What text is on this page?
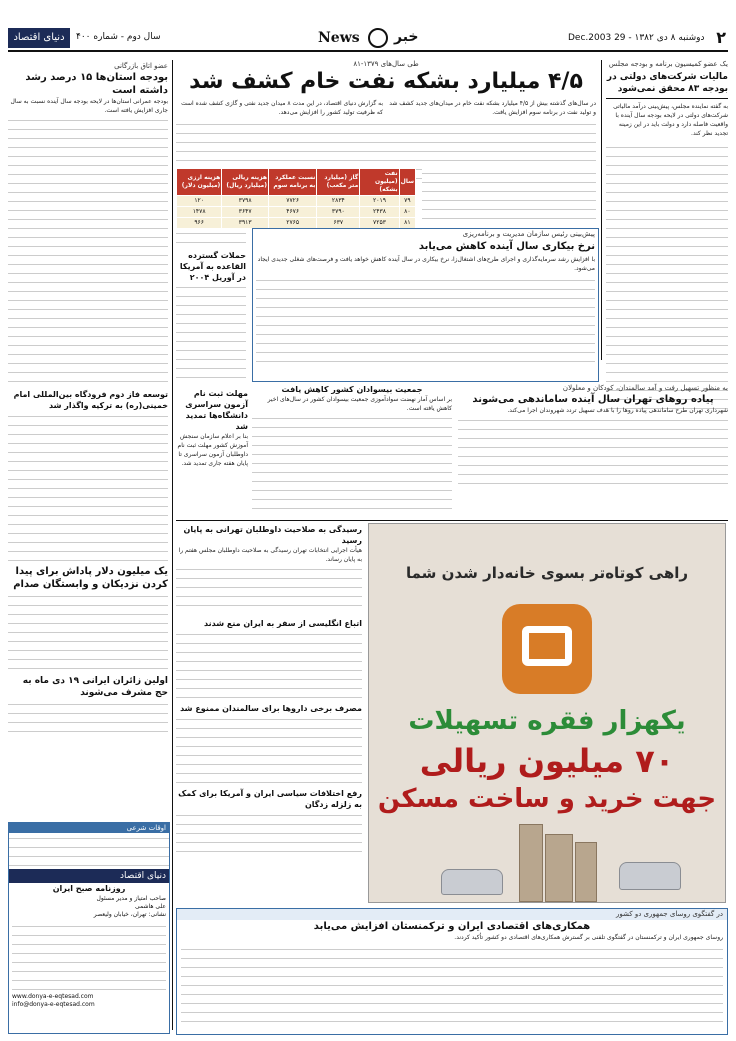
دنیای اقتصاد	سال دوم - شماره ۴۰۰	News خبر	دوشنبه ۸ دی ۱۳۸۲ - 29 Dec.2003 ۲
یک عضو کمیسیون برنامه و بودجه مجلس
مالیات شرکت‌های دولتی در بودجه ۸۳ محقق نمی‌شود
به گفته نماینده مجلس، پیش‌بینی درآمد مالیاتی شرکت‌های دولتی در لایحه بودجه سال آینده با واقعیت فاصله دارد و دولت باید در این زمینه تجدید نظر کند.
طی سال‌های ۱۳۷۹-۸۱
۴/۵ میلیارد بشکه نفت خام کشف شد
در سال‌های گذشته بیش از ۴/۵ میلیارد بشکه نفت خام در میدان‌های جدید کشف شد و تولید نفت در برنامه سوم افزایش یافت.
به گزارش دنیای اقتصاد، در این مدت ۸ میدان جدید نفتی و گازی کشف شده است که ظرفیت تولید کشور را افزایش می‌دهد.
سال	نفت (میلیون بشکه)	گاز (میلیارد متر مکعب)	نسبت عملکرد به برنامه سوم	هزینه ریالی (میلیارد ریال)	هزینه ارزی (میلیون دلار)
۷۹	۲۰۱۹	۲۸۳۴	۷۷۲۶	۳۷۹۸	۱۲۰
۸۰	۲۴۳۸	۳۷۹۰	۴۶۷۶	۳۶۴۷	۱۴۷۸
۸۱	۷۲۵۳	۶۳۷	۲۷۶۵	۳۹۱۳	۹۶۶
پیش‌بینی رئیس سازمان مدیریت و برنامه‌ریزی
نرخ بیکاری سال آینده کاهش می‌یابد
با افزایش رشد سرمایه‌گذاری و اجرای طرح‌های اشتغال‌زا، نرخ بیکاری در سال آینده کاهش خواهد یافت و فرصت‌های شغلی جدیدی ایجاد می‌شود.
حملات گسترده القاعده به آمریکا در آوریل ۲۰۰۴
مهلت ثبت نام آزمون سراسری دانشگاه‌ها تمدید شد
بنا بر اعلام سازمان سنجش آموزش کشور مهلت ثبت نام داوطلبان آزمون سراسری تا پایان هفته جاری تمدید شد.
جمعیت بیسوادان کشور کاهش یافت
بر اساس آمار نهضت سوادآموزی جمعیت بیسوادان کشور در سال‌های اخیر کاهش یافته است.
به منظور تسهیل رفت و آمد سالمندان، کودکان و معلولان
پیاده روهای تهران سال آینده ساماندهی می‌شوند
شهرداری تهران طرح ساماندهی پیاده روها را با هدف تسهیل تردد شهروندان اجرا می‌کند.
عضو اتاق بازرگانی
بودجه استان‌ها ۱۵ درصد رشد داشته است
بودجه عمرانی استان‌ها در لایحه بودجه سال آینده نسبت به سال جاری افزایش یافته است.
توسعه فاز دوم فرودگاه بین‌المللی امام خمینی(ره) به ترکیه واگذار شد
یک میلیون دلار پاداش برای پیدا کردن نزدیکان و وابستگان صدام
اولین زائران ایرانی ۱۹ دی ماه به حج مشرف می‌شوند
رسیدگی به صلاحیت داوطلبان تهرانی به پایان رسید
هیأت اجرایی انتخابات تهران رسیدگی به صلاحیت داوطلبان مجلس هفتم را به پایان رساند.
اتباع انگلیسی از سفر به ایران منع شدند
مصرف برخی داروها برای سالمندان ممنوع شد
رفع اختلافات سیاسی ایران و آمریکا برای کمک به زلزله زدگان
راهی کوتاه‌تر بسوی خانه‌دار شدن شما
یکهزار فقره تسهیلات
۷۰ میلیون ریالی
جهت خرید و ساخت مسکن
در گفتگوی روسای جمهوری دو کشور
همکاری‌های اقتصادی ایران و ترکمنستان افزایش می‌یابد
روسای جمهوری ایران و ترکمنستان در گفتگوی تلفنی بر گسترش همکاری‌های اقتصادی دو کشور تأکید کردند.
اوقات شرعی
دنیای اقتصاد
روزنامه صبح ایران
صاحب امتیاز و مدیر مسئول
علی هاشمی
نشانی: تهران، خیابان ولیعصر
www.donya-e-eqtesad.com
info@donya-e-eqtesad.com
